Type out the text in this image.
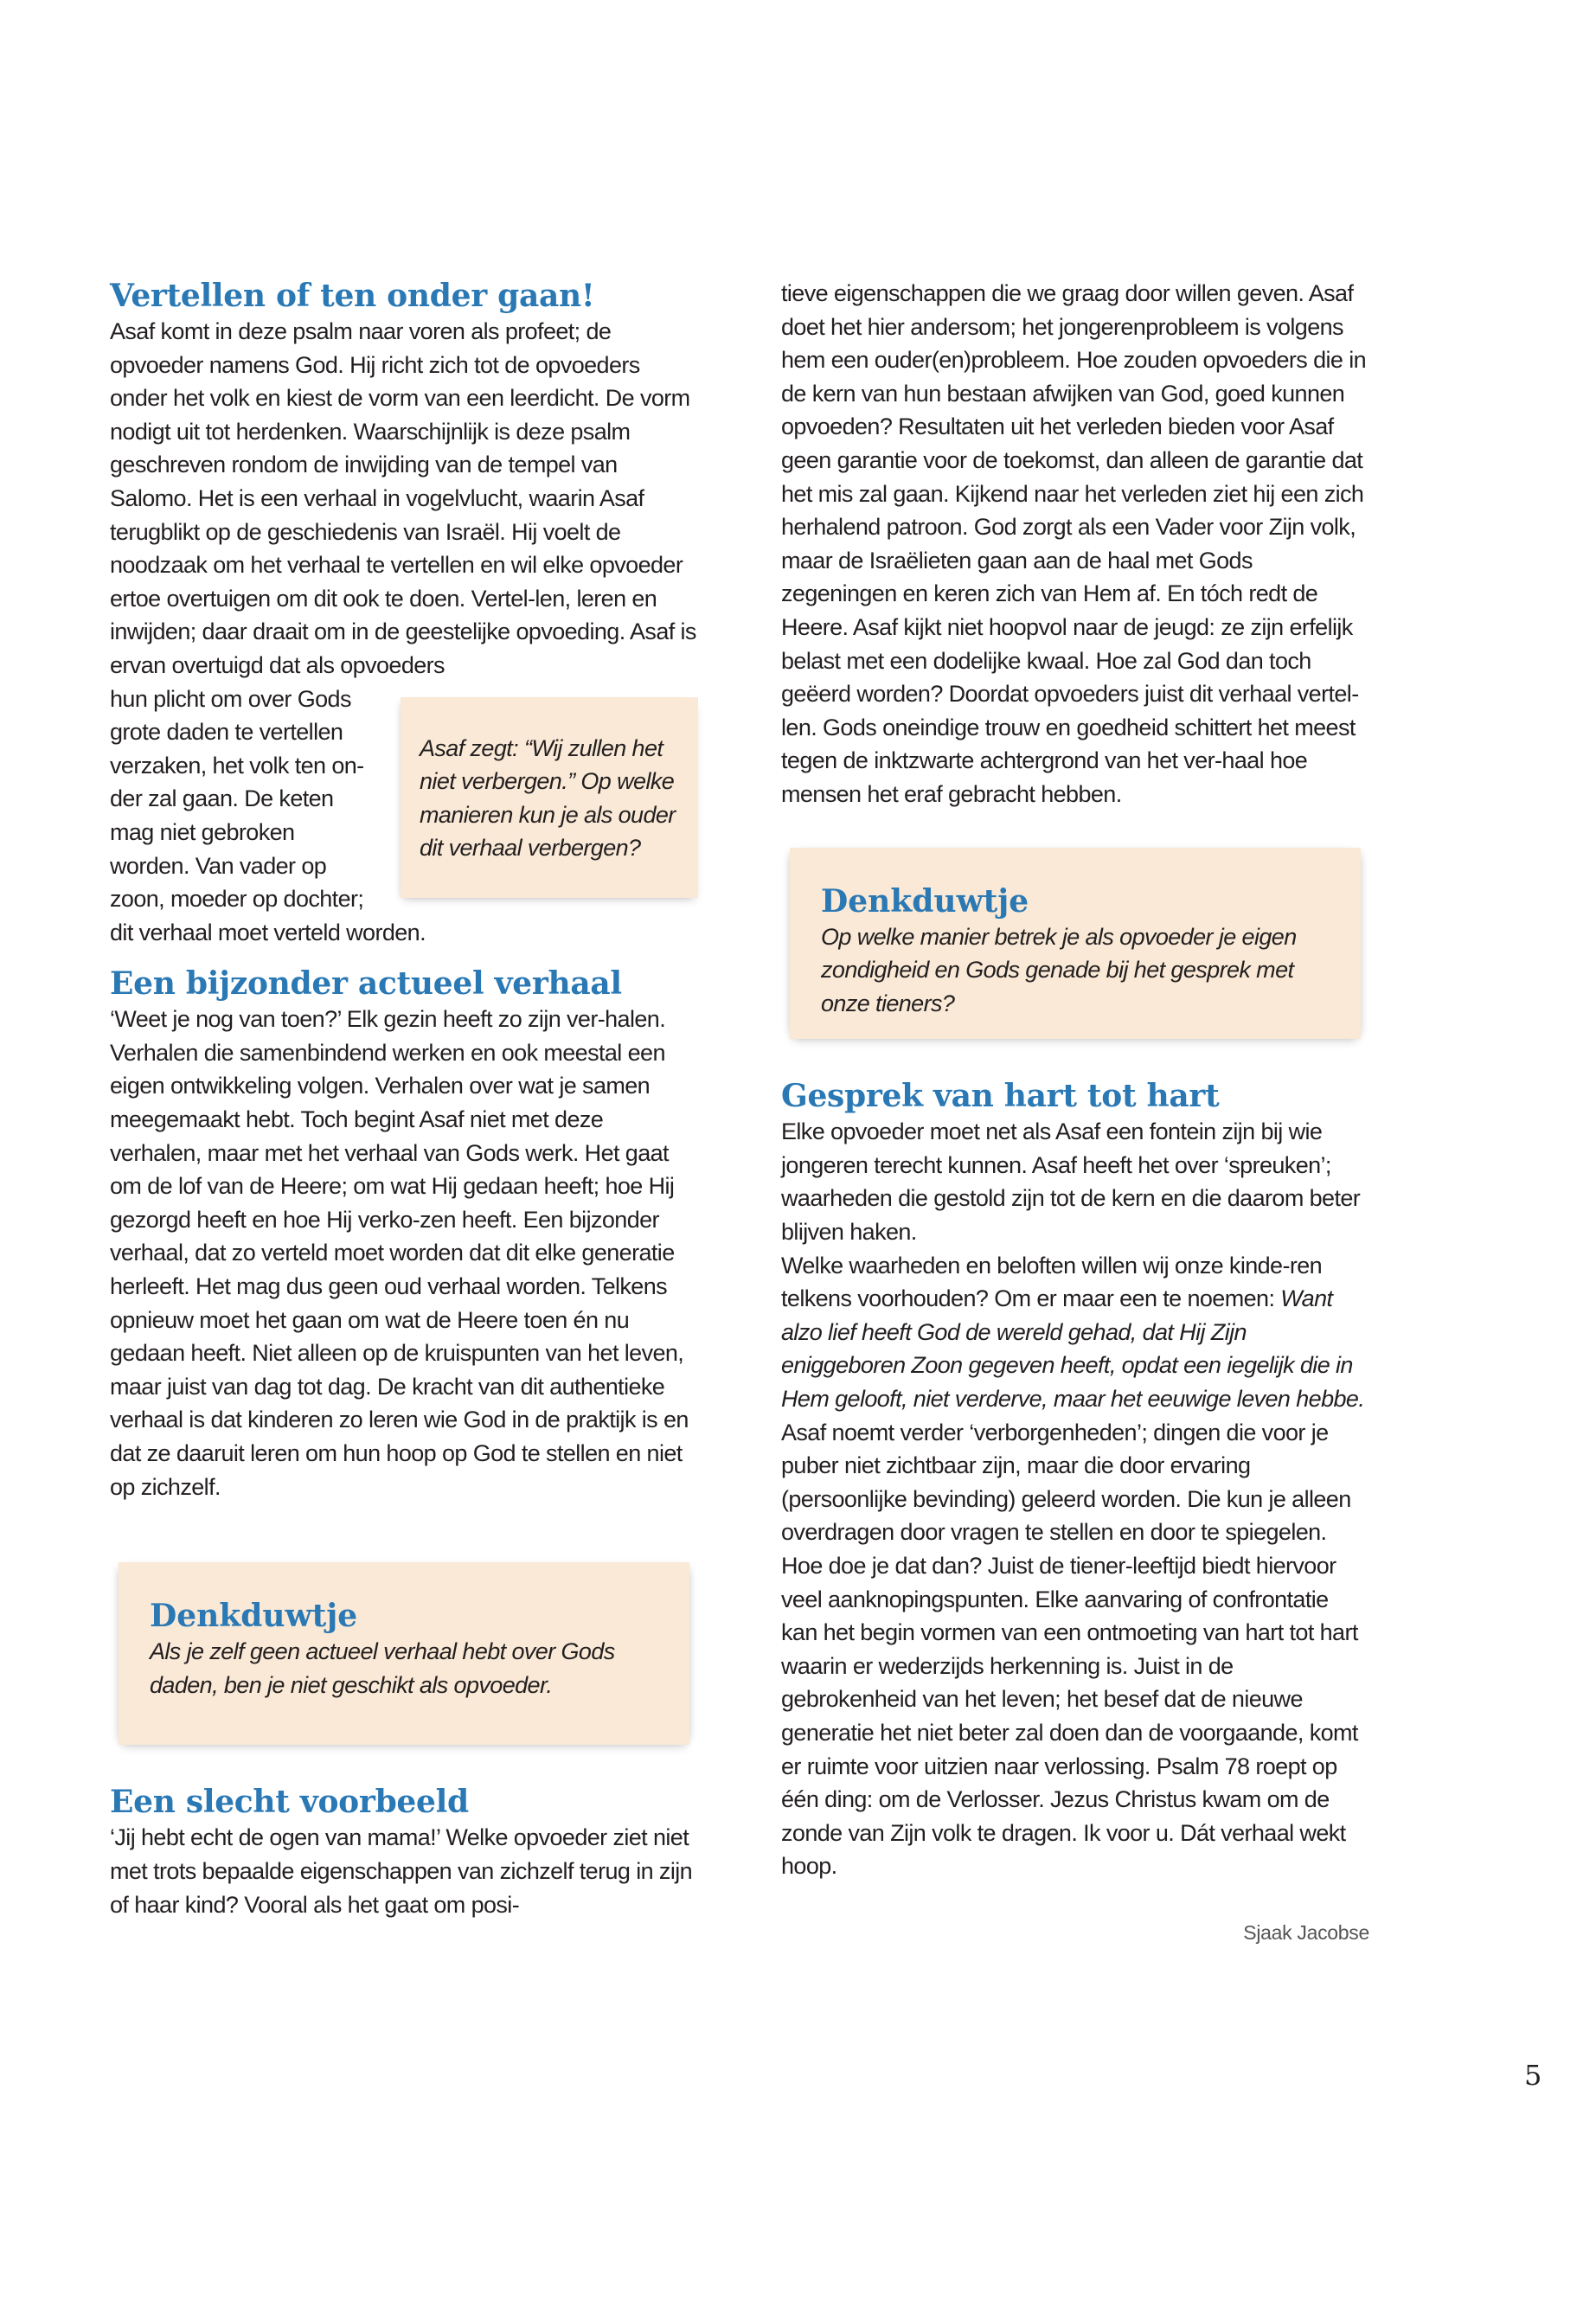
Vertellen of ten onder gaan!

Asaf komt in deze psalm naar voren als profeet; de opvoeder namens God. Hij richt zich tot de opvoeders onder het volk en kiest de vorm van een leerdicht. De vorm nodigt uit tot herdenken. Waarschijnlijk is deze psalm geschreven rondom de inwijding van de tempel van Salomo. Het is een verhaal in vogelvlucht, waarin Asaf terugblikt op de geschiedenis van Israël. Hij voelt de noodzaak om het verhaal te vertellen en wil elke opvoeder ertoe overtuigen om dit ook te doen. Vertel-len, leren en inwijden; daar draait om in de geestelijke opvoeding. Asaf is ervan overtuigd dat als opvoeders

Asaf zegt: “Wij zullen het niet verbergen.” Op welke manieren kun je als ouder dit verhaal verbergen?

hun plicht om over Gods grote daden te vertellen verzaken, het volk ten on-der zal gaan. De keten mag niet gebroken worden. Van vader op zoon, moeder op dochter; dit verhaal moet verteld worden.

Een bijzonder actueel verhaal

‘Weet je nog van toen?’ Elk gezin heeft zo zijn ver-halen. Verhalen die samenbindend werken en ook meestal een eigen ontwikkeling volgen. Verhalen over wat je samen meegemaakt hebt. Toch begint Asaf niet met deze verhalen, maar met het verhaal van Gods werk. Het gaat om de lof van de Heere; om wat Hij gedaan heeft; hoe Hij gezorgd heeft en hoe Hij verko-zen heeft. Een bijzonder verhaal, dat zo verteld moet worden dat dit elke generatie herleeft. Het mag dus geen oud verhaal worden. Telkens opnieuw moet het gaan om wat de Heere toen én nu gedaan heeft. Niet alleen op de kruispunten van het leven, maar juist van dag tot dag. De kracht van dit authentieke verhaal is dat kinderen zo leren wie God in de praktijk is en dat ze daaruit leren om hun hoop op God te stellen en niet op zichzelf.

Denkduwtje

Als je zelf geen actueel verhaal hebt over Gods daden, ben je niet geschikt als opvoeder.

Een slecht voorbeeld

‘Jij hebt echt de ogen van mama!’ Welke opvoeder ziet niet met trots bepaalde eigenschappen van zichzelf terug in zijn of haar kind? Vooral als het gaat om posi-

tieve eigenschappen die we graag door willen geven. Asaf doet het hier andersom; het jongerenprobleem is volgens hem een ouder(en)probleem. Hoe zouden opvoeders die in de kern van hun bestaan afwijken van God, goed kunnen opvoeden? Resultaten uit het verleden bieden voor Asaf geen garantie voor de toekomst, dan alleen de garantie dat het mis zal gaan. Kijkend naar het verleden ziet hij een zich herhalend patroon. God zorgt als een Vader voor Zijn volk, maar de Israëlieten gaan aan de haal met Gods zegeningen en keren zich van Hem af. En tóch redt de Heere. Asaf kijkt niet hoopvol naar de jeugd: ze zijn erfelijk belast met een dodelijke kwaal. Hoe zal God dan toch geëerd worden? Doordat opvoeders juist dit verhaal vertel-len. Gods oneindige trouw en goedheid schittert het meest tegen de inktzwarte achtergrond van het ver-haal hoe mensen het eraf gebracht hebben.

Denkduwtje

Op welke manier betrek je als opvoeder je eigen zondigheid en Gods genade bij het gesprek met onze tieners?

Gesprek van hart tot hart

Elke opvoeder moet net als Asaf een fontein zijn bij wie jongeren terecht kunnen. Asaf heeft het over ‘spreuken’; waarheden die gestold zijn tot de kern en die daarom beter blijven haken.

Welke waarheden en beloften willen wij onze kinde-ren telkens voorhouden? Om er maar een te noemen: Want alzo lief heeft God de wereld gehad, dat Hij Zijn eniggeboren Zoon gegeven heeft, opdat een iegelijk die in Hem gelooft, niet verderve, maar het eeuwige leven hebbe. Asaf noemt verder ‘verborgenheden’; dingen die voor je puber niet zichtbaar zijn, maar die door ervaring (persoonlijke bevinding) geleerd worden. Die kun je alleen overdragen door vragen te stellen en door te spiegelen. Hoe doe je dat dan? Juist de tiener-leeftijd biedt hiervoor veel aanknopingspunten. Elke aanvaring of confrontatie kan het begin vormen van een ontmoeting van hart tot hart waarin er wederzijds herkenning is. Juist in de gebrokenheid van het leven; het besef dat de nieuwe generatie het niet beter zal doen dan de voorgaande, komt er ruimte voor uitzien naar verlossing. Psalm 78 roept op één ding: om de Verlosser. Jezus Christus kwam om de zonde van Zijn volk te dragen. Ik voor u. Dát verhaal wekt hoop.

Sjaak Jacobse
5
